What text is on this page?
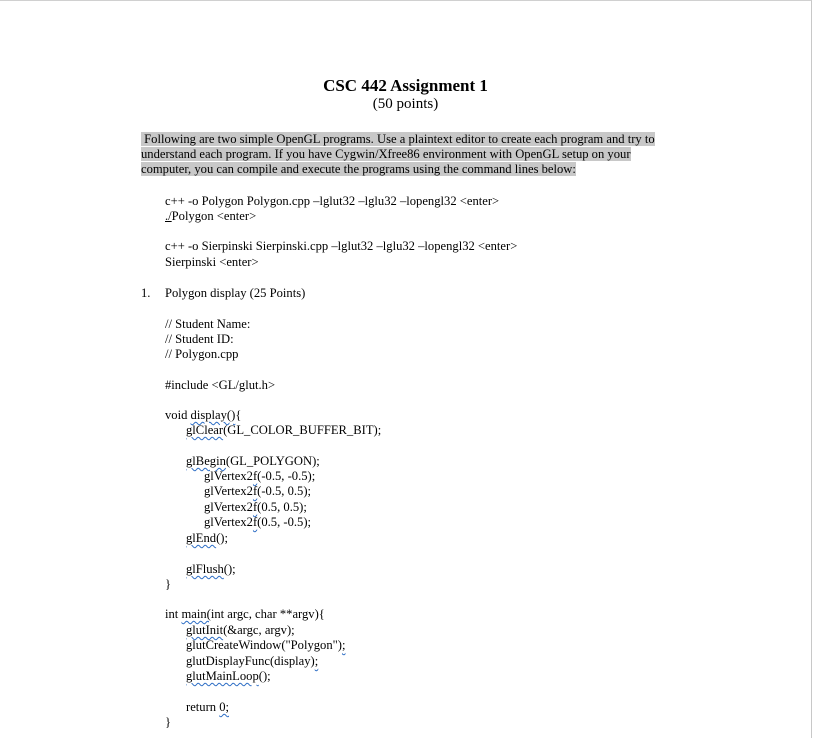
CSC 442 Assignment 1
(50 points)
Following are two simple OpenGL programs. Use a plaintext editor to create each program and try to
understand each program. If you have Cygwin/Xfree86 environment with OpenGL setup on your
computer, you can compile and execute the programs using the command lines below:
c++ -o Polygon Polygon.cpp –lglut32 –lglu32 –lopengl32 <enter>
./Polygon <enter>
c++ -o Sierpinski Sierpinski.cpp –lglut32 –lglu32 –lopengl32 <enter>
Sierpinski <enter>
1. Polygon display (25 Points)
// Student Name:
// Student ID:
// Polygon.cpp
#include <GL/glut.h>
void display(){
glClear(GL_COLOR_BUFFER_BIT);
glBegin(GL_POLYGON);
glVertex2f(-0.5, -0.5);
glVertex2f(-0.5, 0.5);
glVertex2f(0.5, 0.5);
glVertex2f(0.5, -0.5);
glEnd();
glFlush();
}
int main(int argc, char **argv){
glutInit(&argc, argv);
glutCreateWindow("Polygon");
glutDisplayFunc(display);
glutMainLoop();
return 0;
}
